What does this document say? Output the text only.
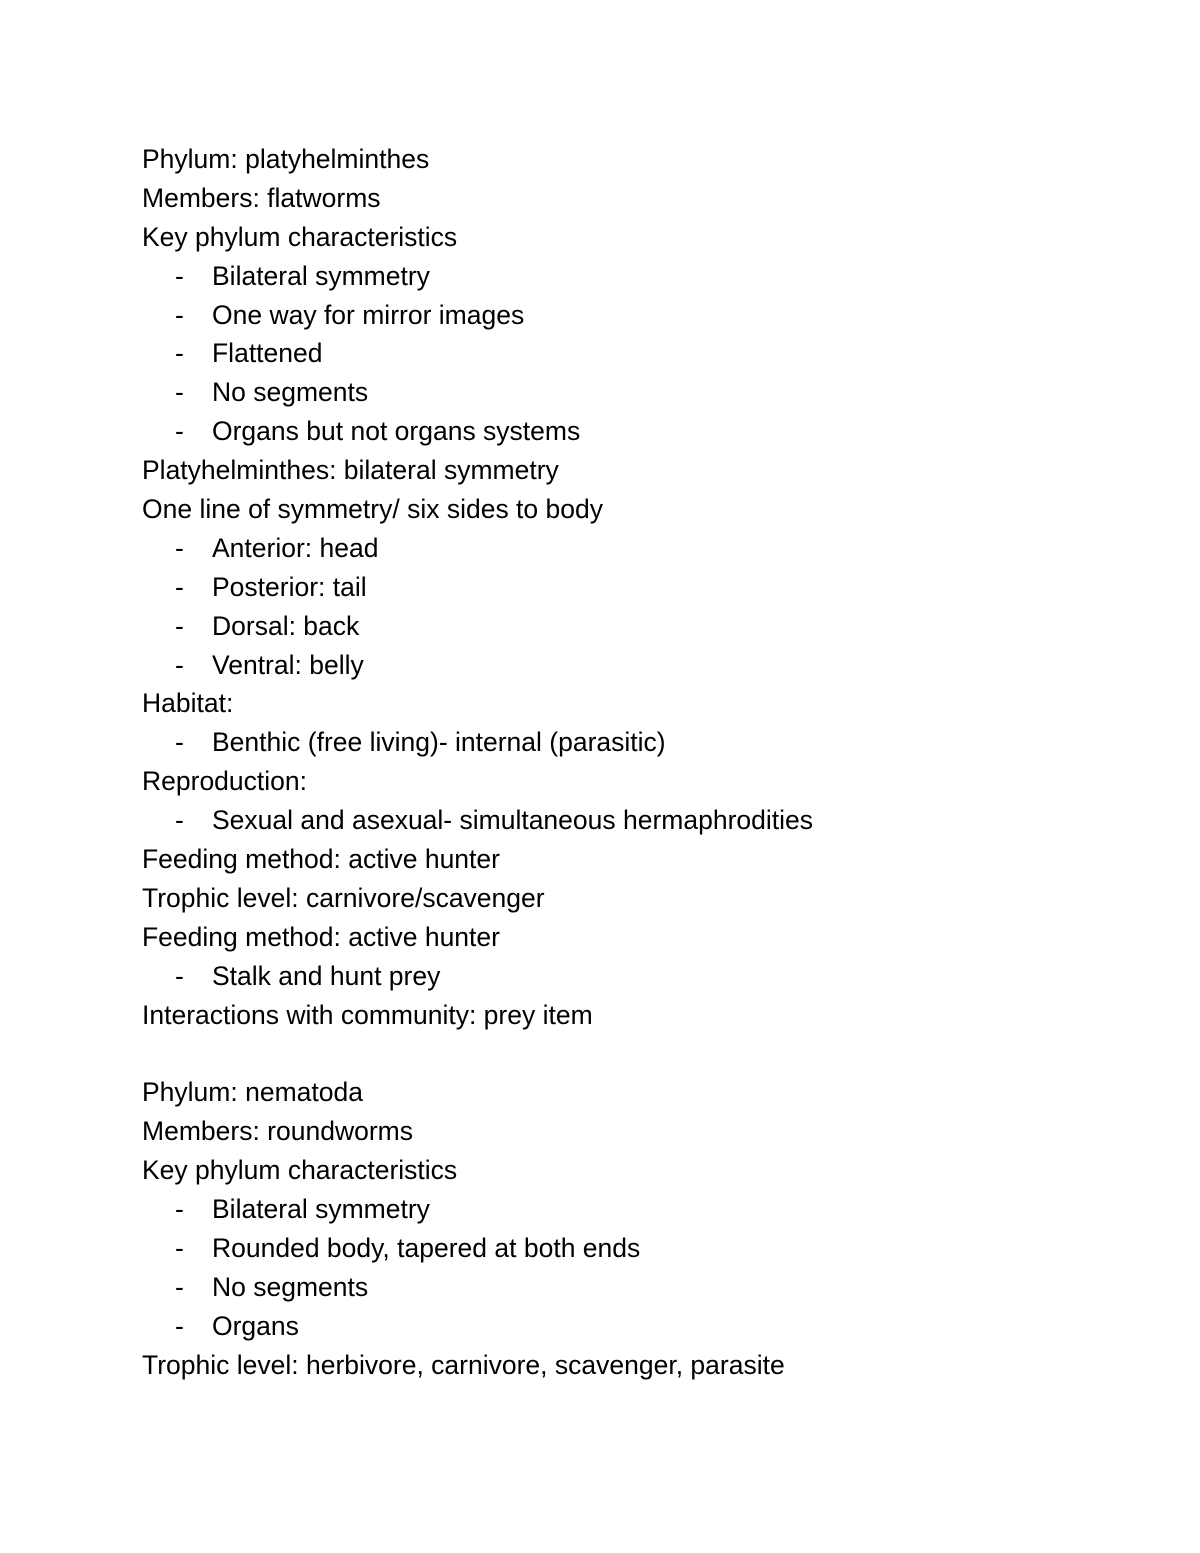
Phylum: platyhelminthes
Members: flatworms
Key phylum characteristics
- Bilateral symmetry
- One way for mirror images
- Flattened
- No segments
- Organs but not organs systems
Platyhelminthes: bilateral symmetry
One line of symmetry/ six sides to body
- Anterior: head
- Posterior: tail
- Dorsal: back
- Ventral: belly
Habitat:
- Benthic (free living)- internal (parasitic)
Reproduction:
- Sexual and asexual- simultaneous hermaphrodities
Feeding method: active hunter
Trophic level: carnivore/scavenger
Feeding method: active hunter
- Stalk and hunt prey
Interactions with community: prey item
Phylum: nematoda
Members: roundworms
Key phylum characteristics
- Bilateral symmetry
- Rounded body, tapered at both ends
- No segments
- Organs
Trophic level: herbivore, carnivore, scavenger, parasite
